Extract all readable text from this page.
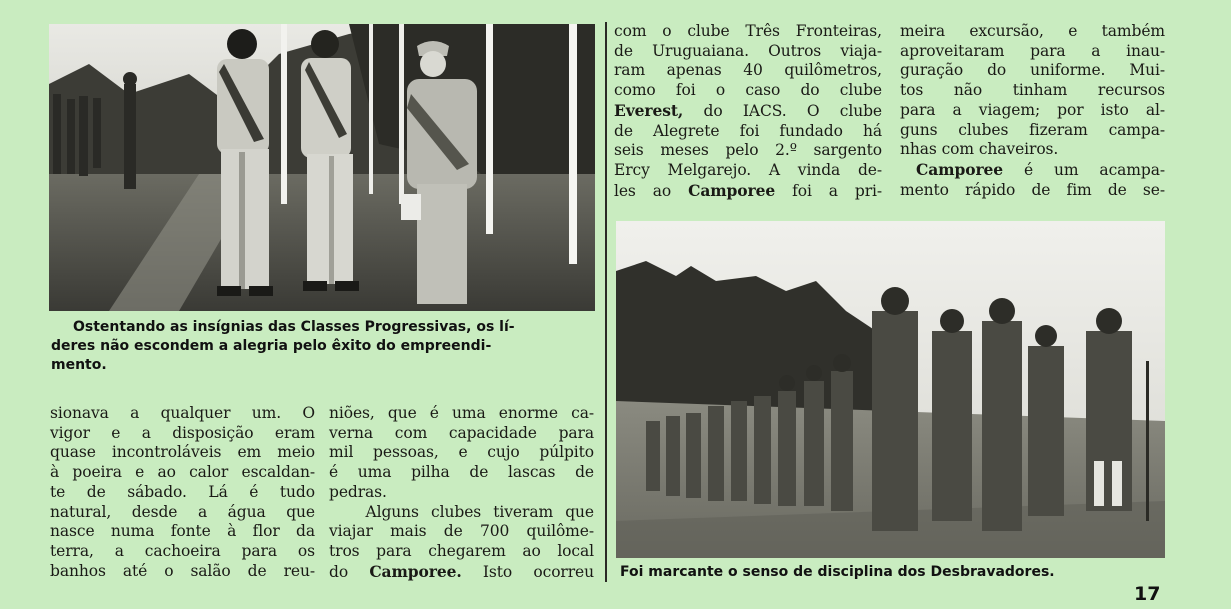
Ostentando as insígnias das Classes Progressivas, os lí-
deres não escondem a alegria pelo êxito do empreendi-
mento.
sionava a qualquer um. O
vigor e a disposição eram
quase incontroláveis em meio
à poeira e ao calor escaldan-
te de sábado. Lá é tudo
natural, desde a água que
nasce numa fonte à flor da
terra, a cachoeira para os
banhos até o salão de reu-
niões, que é uma enorme ca-
verna com capacidade para
mil pessoas, e cujo púlpito
é uma pilha de lascas de
pedras.
Alguns clubes tiveram que
viajar mais de 700 quilôme-
tros para chegarem ao local
do Camporee. Isto ocorreu
com o clube Três Fronteiras,
de Uruguaiana. Outros viaja-
ram apenas 40 quilômetros,
como foi o caso do clube
Everest, do IACS. O clube
de Alegrete foi fundado há
seis meses pelo 2.º sargento
Ercy Melgarejo. A vinda de-
les ao Camporee foi a pri-
meira excursão, e também
aproveitaram para a inau-
guração do uniforme. Mui-
tos não tinham recursos
para a viagem; por isto al-
guns clubes fizeram campa-
nhas com chaveiros.
Camporee é um acampa-
mento rápido de fim de se-
Foi marcante o senso de disciplina dos Desbravadores.
17
